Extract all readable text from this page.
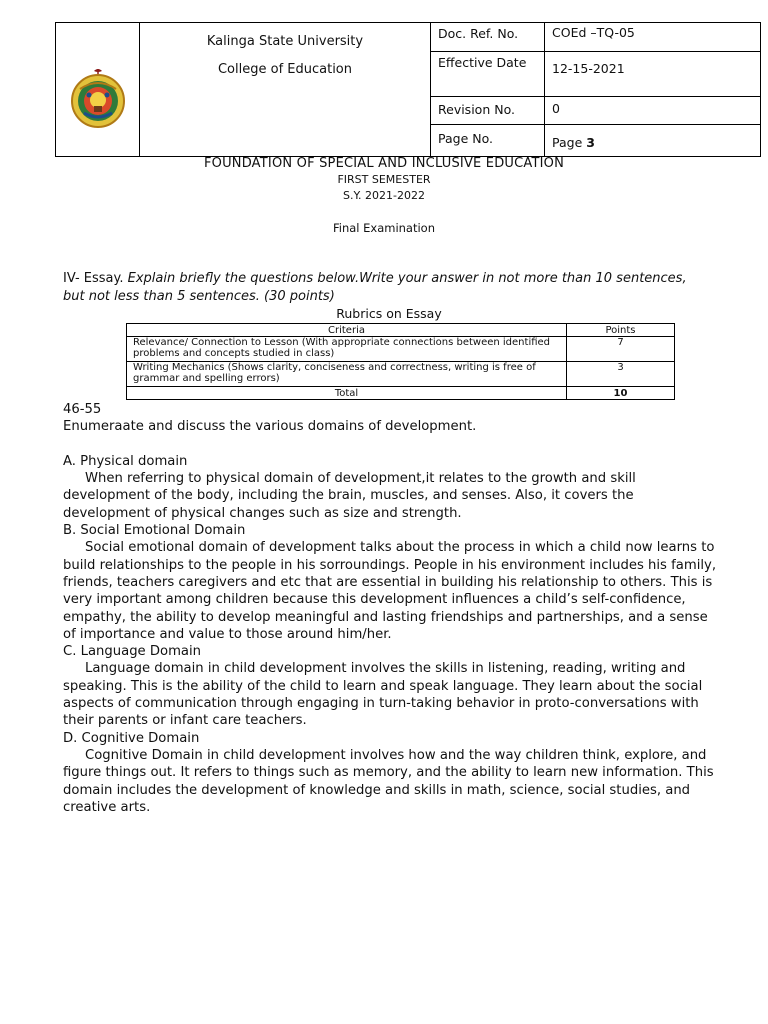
Kalinga State University
College of Education	Doc. Ref. No.	COEd –TQ-05
		Effective Date	12-15-2021
		Revision No.	0
		Page No.	Page 3
FOUNDATION OF SPECIAL AND INCLUSIVE EDUCATION
FIRST SEMESTER
S.Y. 2021-2022
Final Examination
IV- Essay. Explain briefly the questions below.Write your answer in not more than 10 sentences, but not less than 5 sentences. (30 points)
Rubrics on Essay
Criteria	Points
Relevance/ Connection to Lesson (With appropriate connections between identified problems and concepts studied in class)	7
Writing Mechanics (Shows clarity, conciseness and correctness, writing is free of grammar and spelling errors)	3
Total	10

46-55

Enumeraate and discuss the various domains of development.

A. Physical domain

When referring to physical domain of development,it relates to the growth and skill development of the body, including the brain, muscles, and senses. Also, it covers the development of physical changes such as size and strength.

B. Social Emotional Domain

Social emotional domain of development talks about the process in which a child now learns to build relationships to the people in his sorroundings. People in his environment includes his family, friends, teachers caregivers and etc that are essential in building his relationship to others. This is very important among children because this development influences a child’s self-confidence, empathy, the ability to develop meaningful and lasting friendships and partnerships, and a sense of importance and value to those around him/her.

C. Language Domain

Language domain in child development involves the skills in listening, reading, writing and speaking. This is the ability of the child to learn and speak language. They learn about the social aspects of communication through engaging in turn-taking behavior in proto-conversations with their parents or infant care teachers.

D. Cognitive Domain

Cognitive Domain in child development involves how and the way children think, explore, and figure things out. It refers to things such as memory, and the ability to learn new information. This domain includes the development of knowledge and skills in math, science, social studies, and creative arts.
